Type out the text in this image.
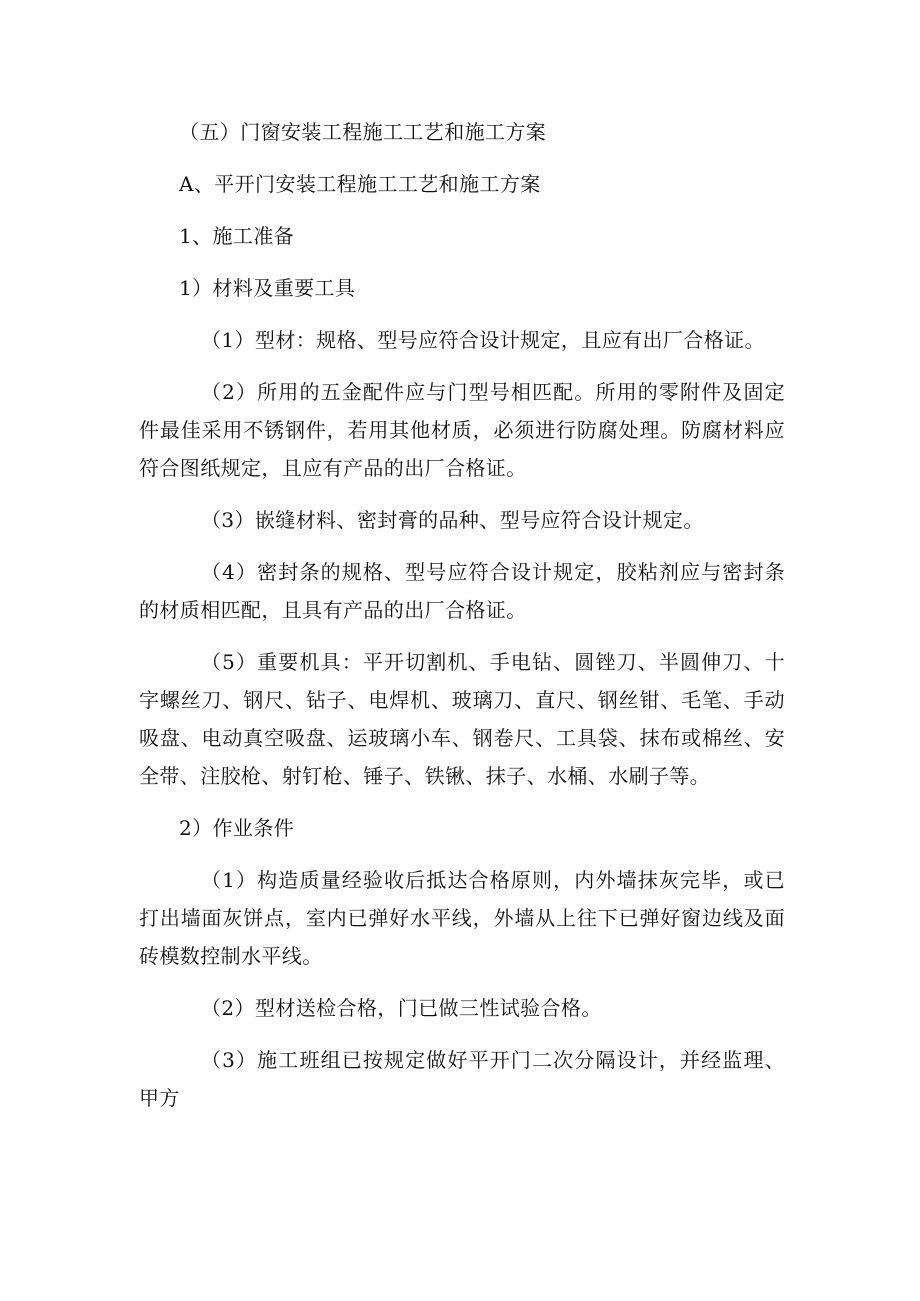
（五）门窗安装工程施工工艺和施工方案

A、平开门安装工程施工工艺和施工方案

1、施工准备

1）材料及重要工具

（1）型材：规格、型号应符合设计规定，且应有出厂合格证。

（2）所用的五金配件应与门型号相匹配。所用的零附件及固定件最佳采用不锈钢件，若用其他材质，必须进行防腐处理。防腐材料应符合图纸规定，且应有产品的出厂合格证。

（3）嵌缝材料、密封膏的品种、型号应符合设计规定。

（4）密封条的规格、型号应符合设计规定，胶粘剂应与密封条的材质相匹配，且具有产品的出厂合格证。

（5）重要机具：平开切割机、手电钻、圆锉刀、半圆伸刀、十字螺丝刀、钢尺、钻子、电焊机、玻璃刀、直尺、钢丝钳、毛笔、手动吸盘、电动真空吸盘、运玻璃小车、钢卷尺、工具袋、抹布或棉丝、安全带、注胶枪、射钉枪、锤子、铁锹、抹子、水桶、水刷子等。

2）作业条件

（1）构造质量经验收后抵达合格原则，内外墙抹灰完毕，或已打出墙面灰饼点，室内已弹好水平线，外墙从上往下已弹好窗边线及面砖模数控制水平线。

（2）型材送检合格，门已做三性试验合格。

（3）施工班组已按规定做好平开门二次分隔设计，并经监理、甲方
